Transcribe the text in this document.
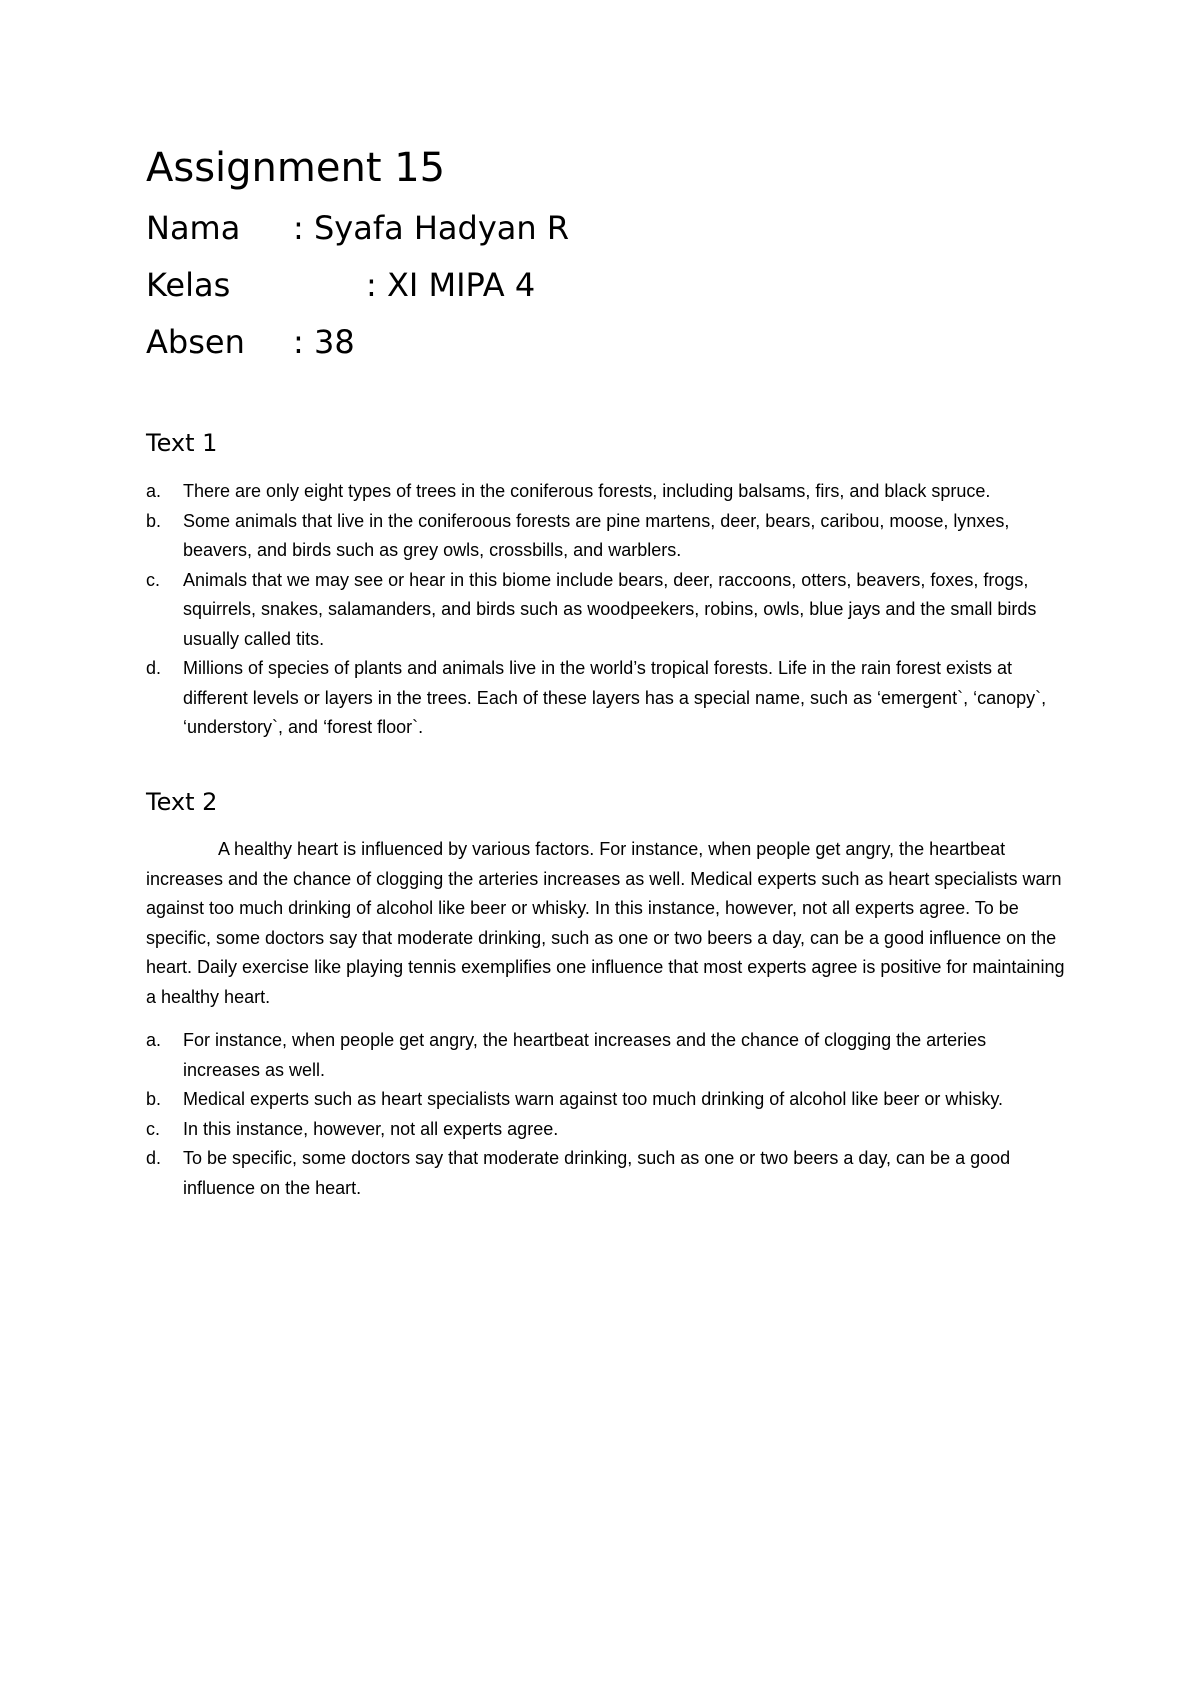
Assignment 15
Nama : Syafa Hadyan R
Kelas	: XI MIPA 4
Absen : 38
Text 1
a. There are only eight types of trees in the coniferous forests, including balsams, firs, and black spruce.
b. Some animals that live in the coniferoous forests are pine martens, deer, bears, caribou, moose, lynxes, beavers, and birds such as grey owls, crossbills, and warblers.
c. Animals that we may see or hear in this biome include bears, deer, raccoons, otters, beavers, foxes, frogs, squirrels, snakes, salamanders, and birds such as woodpeekers, robins, owls, blue jays and the small birds usually called tits.
d. Millions of species of plants and animals live in the world’s tropical forests. Life in the rain forest exists at different levels or layers in the trees. Each of these layers has a special name, such as ‘emergent`, ‘canopy`, ‘understory`, and ‘forest floor`.
Text 2

A healthy heart is influenced by various factors. For instance, when people get angry, the heartbeat increases and the chance of clogging the arteries increases as well. Medical experts such as heart specialists warn against too much drinking of alcohol like beer or whisky. In this instance, however, not all experts agree. To be specific, some doctors say that moderate drinking, such as one or two beers a day, can be a good influence on the heart. Daily exercise like playing tennis exemplifies one influence that most experts agree is positive for maintaining a healthy heart.

a. For instance, when people get angry, the heartbeat increases and the chance of clogging the arteries increases as well.
b. Medical experts such as heart specialists warn against too much drinking of alcohol like beer or whisky.
c. In this instance, however, not all experts agree.
d. To be specific, some doctors say that moderate drinking, such as one or two beers a day, can be a good influence on the heart.
